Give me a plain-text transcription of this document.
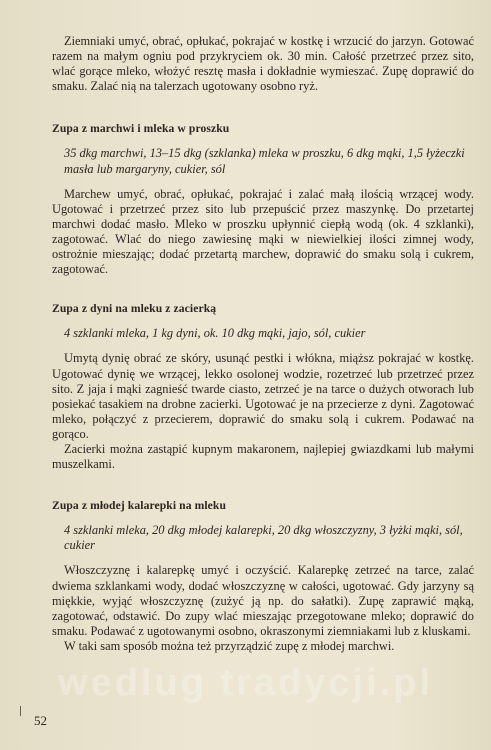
wedlug tradycji.pl

Ziemniaki umyć, obrać, opłukać, pokrajać w kostkę i wrzucić do jarzyn. Gotować razem na małym ogniu pod przykryciem ok. 30 min. Całość przetrzeć przez sito, wlać gorące mleko, włożyć resztę masła i dokładnie wymieszać. Zupę doprawić do smaku. Zalać nią na talerzach ugotowany osobno ryż.

Zupa z marchwi i mleka w proszku

35 dkg marchwi, 13–15 dkg (szklanka) mleka w proszku, 6 dkg mąki, 1,5 łyżeczki masła lub margaryny, cukier, sól

Marchew umyć, obrać, opłukać, pokrajać i zalać małą ilością wrzącej wody. Ugotować i przetrzeć przez sito lub przepuścić przez maszynkę. Do przetartej marchwi dodać masło. Mleko w proszku upłynnić ciepłą wodą (ok. 4 szklanki), zagotować. Wlać do niego zawiesinę mąki w niewielkiej ilości zimnej wody, ostrożnie mieszając; dodać przetartą marchew, doprawić do smaku solą i cukrem, zagotować.

Zupa z dyni na mleku z zacierką

4 szklanki mleka, 1 kg dyni, ok. 10 dkg mąki, jajo, sól, cukier

Umytą dynię obrać ze skóry, usunąć pestki i włókna, miąższ pokrajać w kostkę. Ugotować dynię we wrzącej, lekko osolonej wodzie, rozetrzeć lub przetrzeć przez sito. Z jaja i mąki zagnieść twarde ciasto, zetrzeć je na tarce o dużych otworach lub posiekać tasakiem na drobne zacierki. Ugotować je na przecierze z dyni. Zagotować mleko, połączyć z przecierem, doprawić do smaku solą i cukrem. Podawać na gorąco.

Zacierki można zastąpić kupnym makaronem, najlepiej gwiazdkami lub małymi muszelkami.

Zupa z młodej kalarepki na mleku

4 szklanki mleka, 20 dkg młodej kalarepki, 20 dkg włoszczyzny, 3 łyżki mąki, sól, cukier

Włoszczyznę i kalarepkę umyć i oczyścić. Kalarepkę zetrzeć na tarce, zalać dwiema szklankami wody, dodać włoszczyznę w całości, ugotować. Gdy jarzyny są miękkie, wyjąć włoszczyznę (zużyć ją np. do sałatki). Zupę zaprawić mąką, zagotować, odstawić. Do zupy wlać mieszając przegotowane mleko; doprawić do smaku. Podawać z ugotowanymi osobno, okraszonymi ziemniakami lub z kluskami.

W taki sam sposób można też przyrządzić zupę z młodej marchwi.

52
